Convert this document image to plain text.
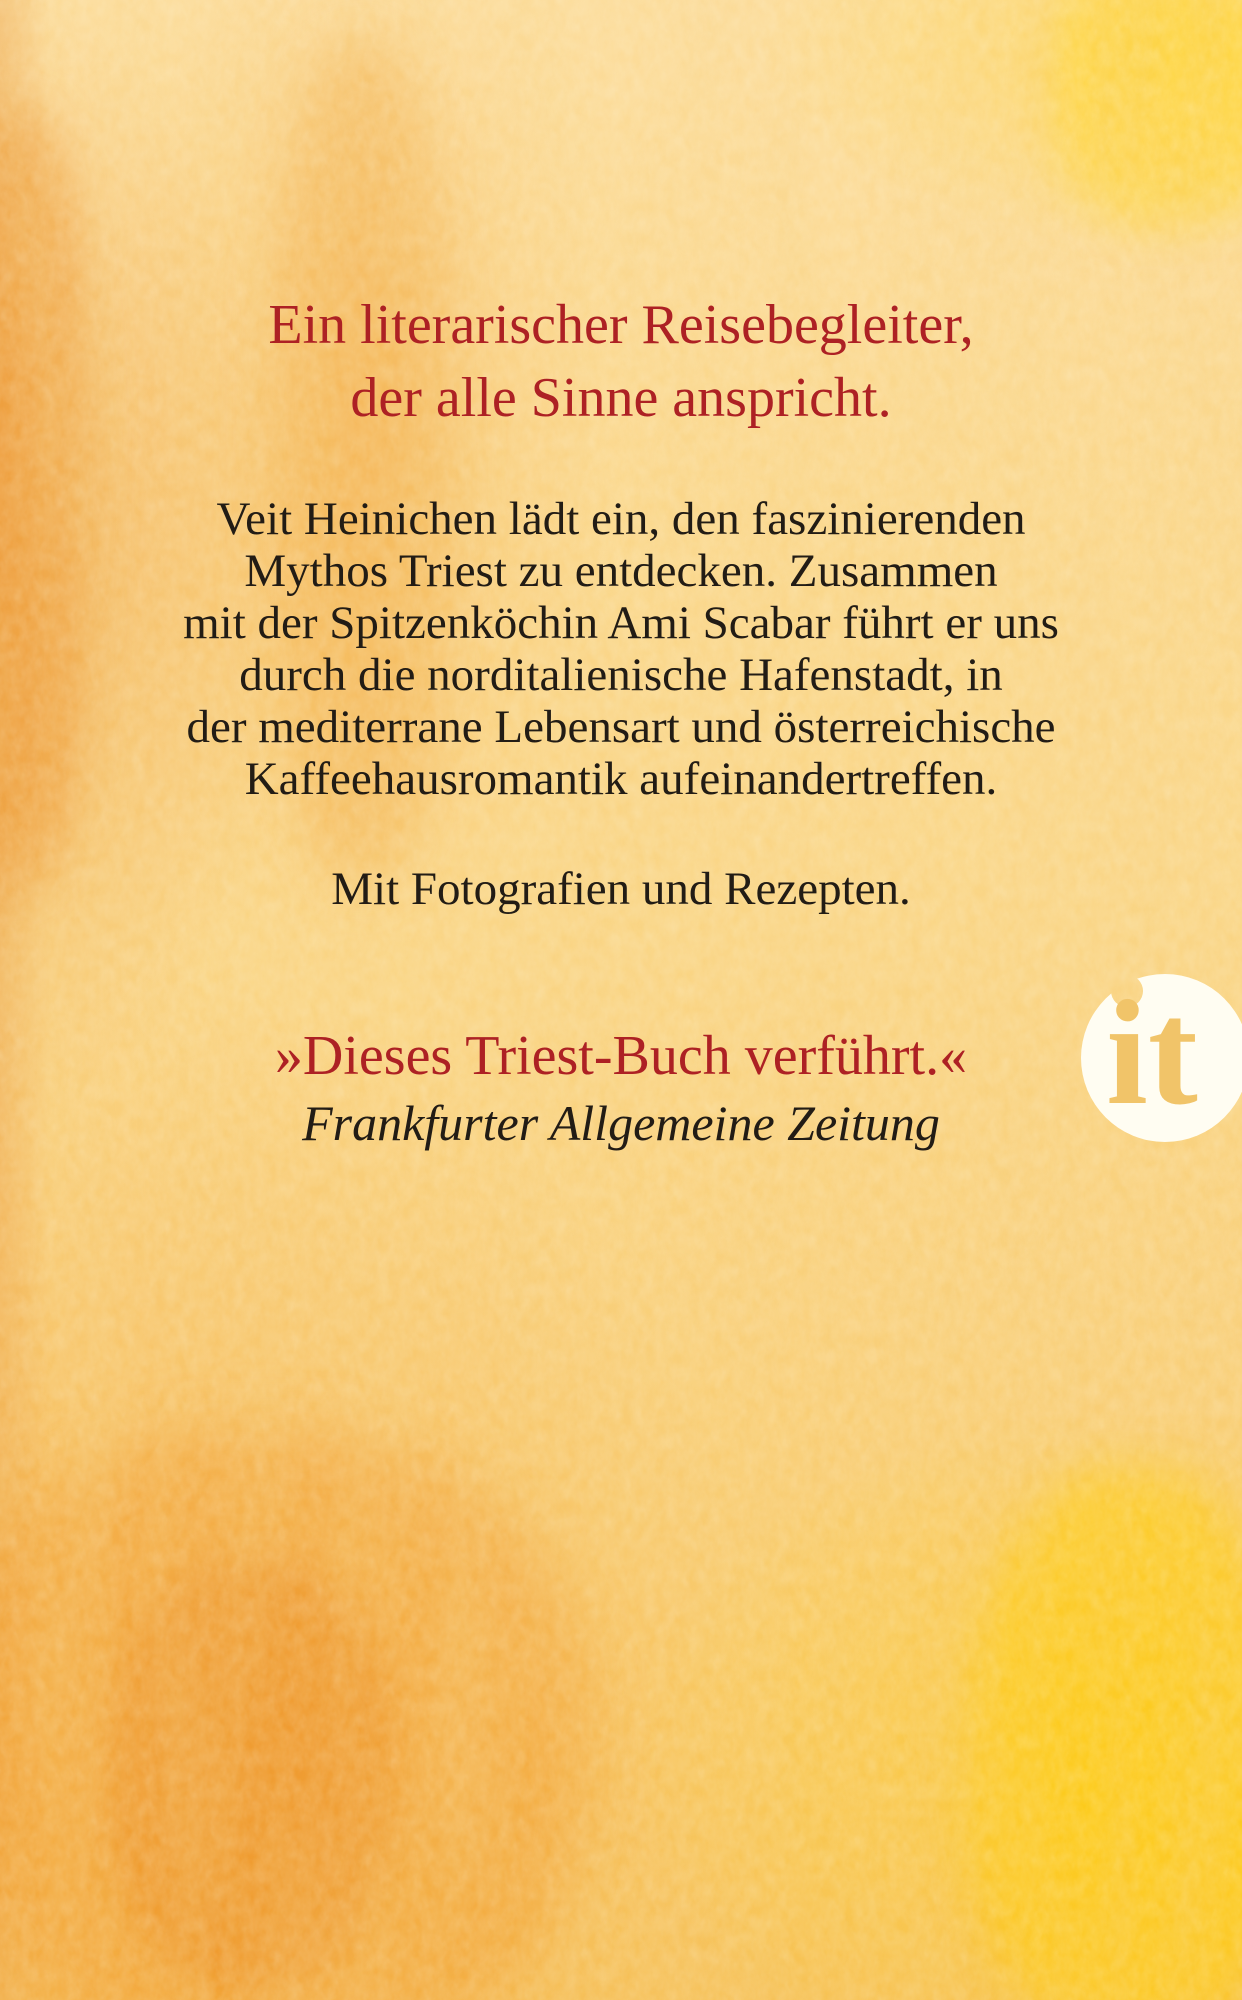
Ein literarischer Reisebegleiter,
der alle Sinne anspricht.

Veit Heinichen lädt ein, den faszinierenden
Mythos Triest zu entdecken. Zusammen
mit der Spitzenköchin Ami Scabar führt er uns
durch die norditalienische Hafenstadt, in
der mediterrane Lebensart und österreichische
Kaffeehausromantik aufeinandertreffen.

Mit Fotografien und Rezepten.

»Dieses Triest-Buch verführt.«

Frankfurter Allgemeine Zeitung	it
